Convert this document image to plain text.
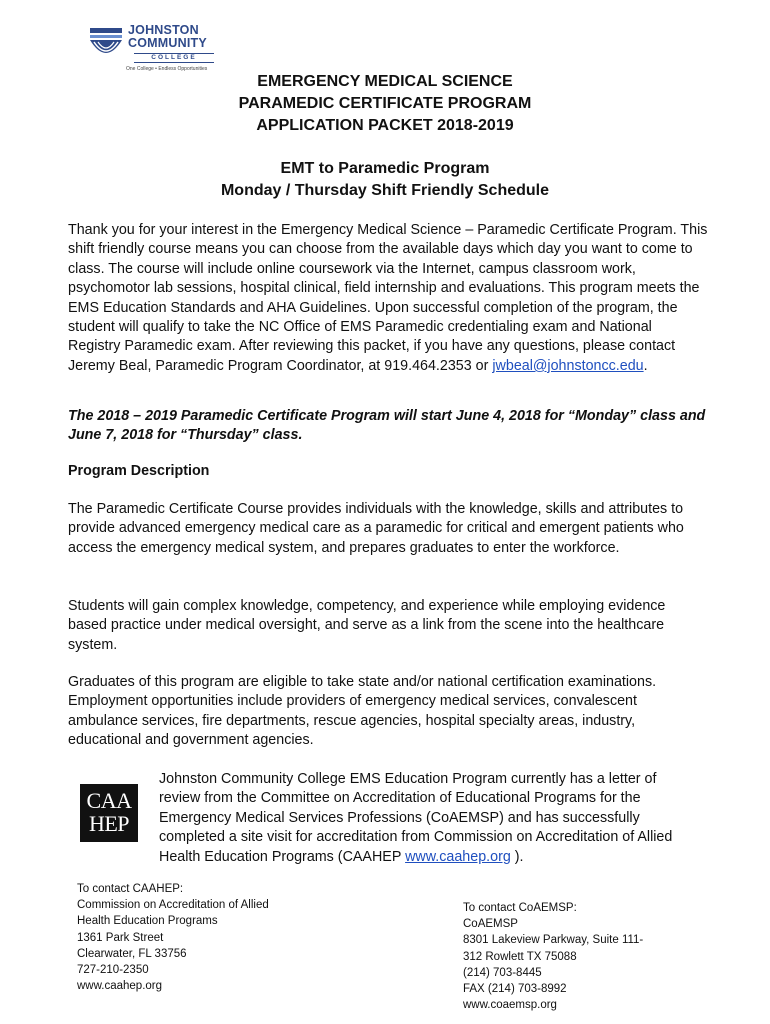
JOHNSTON
COMMUNITY
COLLEGE
One College • Endless Opportunities
EMERGENCY MEDICAL SCIENCE
PARAMEDIC CERTIFICATE PROGRAM
APPLICATION PACKET 2018-2019
EMT to Paramedic Program
Monday / Thursday Shift Friendly Schedule
Thank you for your interest in the Emergency Medical Science – Paramedic Certificate Program. This shift friendly course means you can choose from the available days which day you want to come to class. The course will include online coursework via the Internet, campus classroom work, psychomotor lab sessions, hospital clinical, field internship and evaluations. This program meets the EMS Education Standards and AHA Guidelines. Upon successful completion of the program, the student will qualify to take the NC Office of EMS Paramedic credentialing exam and National Registry Paramedic exam. After reviewing this packet, if you have any questions, please contact Jeremy Beal, Paramedic Program Coordinator, at 919.464.2353 or jwbeal@johnstoncc.edu.
The 2018 – 2019 Paramedic Certificate Program will start June 4, 2018 for “Monday” class and June 7, 2018 for “Thursday” class.
Program Description
The Paramedic Certificate Course provides individuals with the knowledge, skills and attributes to provide advanced emergency medical care as a paramedic for critical and emergent patients who access the emergency medical system, and prepares graduates to enter the workforce.
Students will gain complex knowledge, competency, and experience while employing evidence based practice under medical oversight, and serve as a link from the scene into the healthcare system.
Graduates of this program are eligible to take state and/or national certification examinations. Employment opportunities include providers of emergency medical services, convalescent ambulance services, fire departments, rescue agencies, hospital specialty areas, industry, educational and government agencies.
CAA
HEP
Johnston Community College EMS Education Program currently has a letter of review from the Committee on Accreditation of Educational Programs for the Emergency Medical Services Professions (CoAEMSP) and has successfully completed a site visit for accreditation from Commission on Accreditation of Allied Health Education Programs (CAAHEP www.caahep.org ).
To contact CAAHEP:
Commission on Accreditation of Allied
Health Education Programs
1361 Park Street
Clearwater, FL 33756
727-210-2350
www.caahep.org
To contact CoAEMSP:
CoAEMSP
8301 Lakeview Parkway, Suite 111-
312 Rowlett TX 75088
(214) 703-8445
FAX (214) 703-8992
www.coaemsp.org
